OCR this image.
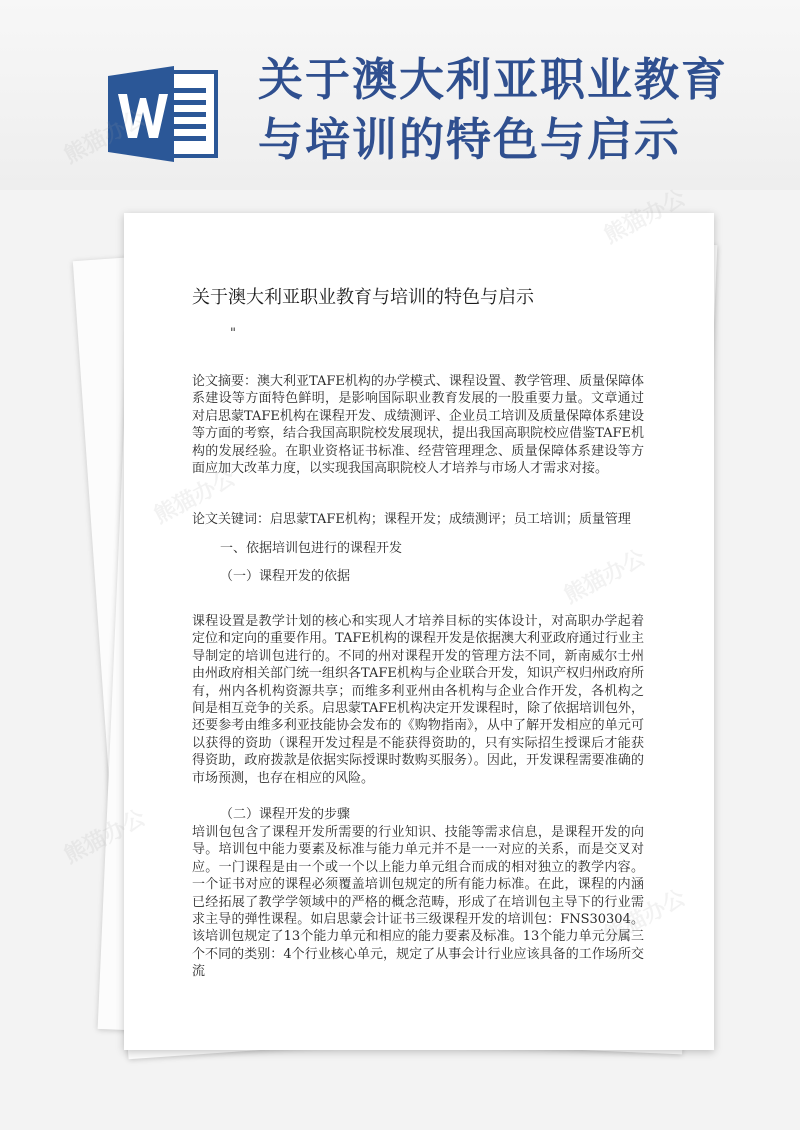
关于澳大利亚职业教育
与培训的特色与启示
关于澳大利亚职业教育与培训的特色与启示
"

论文摘要：澳大利亚TAFE机构的办学模式、课程设置、教学管理、质量保障体系建设等方面特色鲜明，是影响国际职业教育发展的一股重要力量。文章通过对启思蒙TAFE机构在课程开发、成绩测评、企业员工培训及质量保障体系建设等方面的考察，结合我国高职院校发展现状，提出我国高职院校应借鉴TAFE机构的发展经验。在职业资格证书标准、经营管理理念、质量保障体系建设等方面应加大改革力度，以实现我国高职院校人才培养与市场人才需求对接。

论文关键词：启思蒙TAFE机构；课程开发；成绩测评；员工培训；质量管理

一、依据培训包进行的课程开发

（一）课程开发的依据

课程设置是教学计划的核心和实现人才培养目标的实体设计，对高职办学起着定位和定向的重要作用。TAFE机构的课程开发是依据澳大利亚政府通过行业主导制定的培训包进行的。不同的州对课程开发的管理方法不同，新南威尔士州由州政府相关部门统一组织各TAFE机构与企业联合开发，知识产权归州政府所有，州内各机构资源共享；而维多利亚州由各机构与企业合作开发，各机构之间是相互竞争的关系。启思蒙TAFE机构决定开发课程时，除了依据培训包外，还要参考由维多利亚技能协会发布的《购物指南》，从中了解开发相应的单元可以获得的资助（课程开发过程是不能获得资助的，只有实际招生授课后才能获得资助，政府拨款是依据实际授课时数购买服务）。因此，开发课程需要准确的市场预测，也存在相应的风险。

（二）课程开发的步骤

培训包包含了课程开发所需要的行业知识、技能等需求信息，是课程开发的向导。培训包中能力要素及标准与能力单元并不是一一对应的关系，而是交叉对应。一门课程是由一个或一个以上能力单元组合而成的相对独立的教学内容。一个证书对应的课程必须覆盖培训包规定的所有能力标准。在此，课程的内涵已经拓展了教学学领域中的严格的概念范畴，形成了在培训包主导下的行业需求主导的弹性课程。如启思蒙会计证书三级课程开发的培训包：FNS30304。该培训包规定了13个能力单元和相应的能力要素及标准。13个能力单元分属三个不同的类别：4个行业核心单元，规定了从事会计行业应该具备的工作场所交流
